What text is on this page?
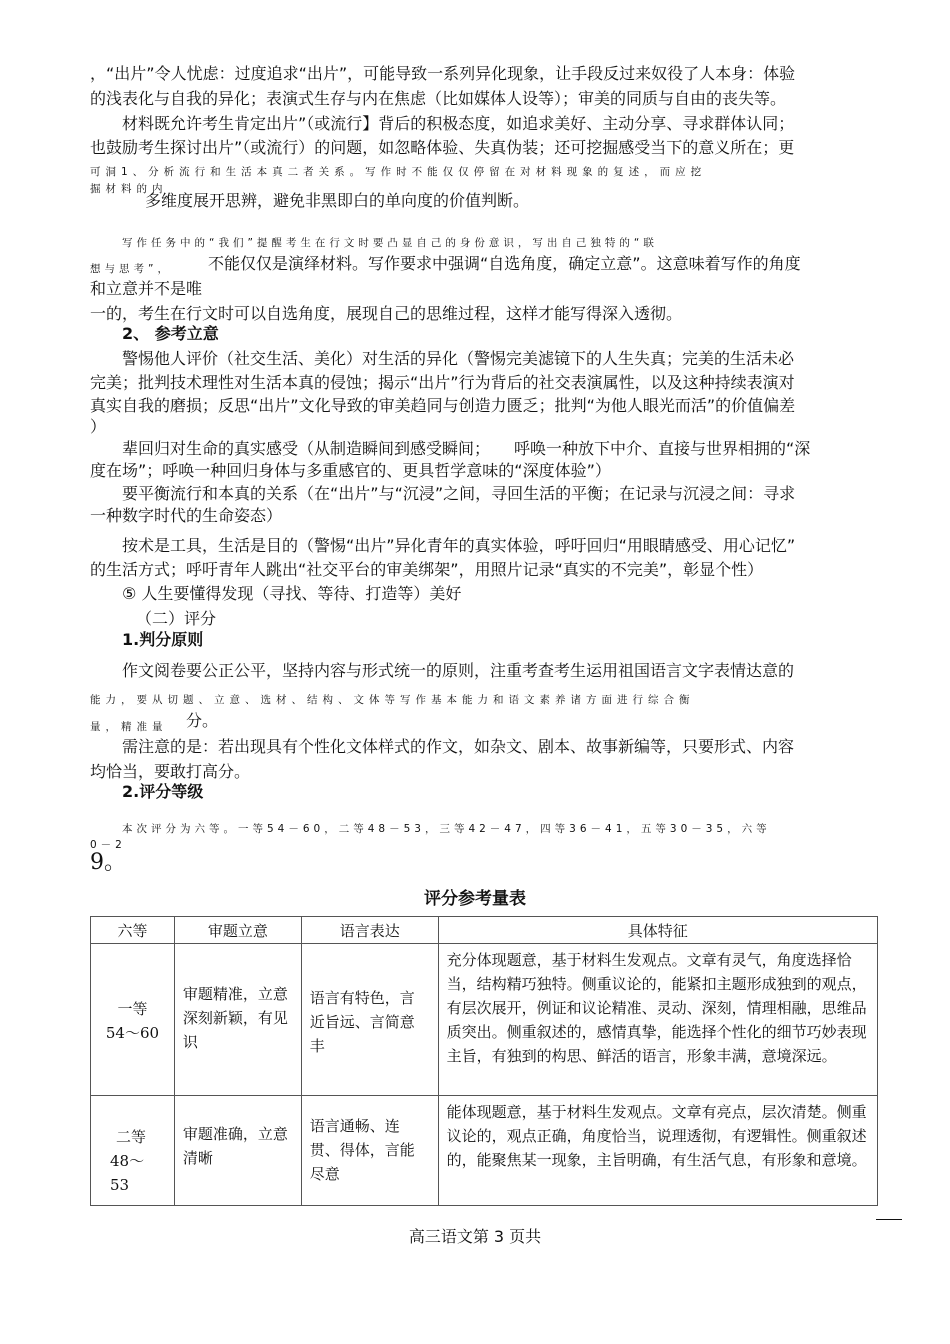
，“出片”令人忧虑：过度追求“出片”，可能导致一系列异化现象，让手段反过来奴役了人本身：体验
的浅表化与自我的异化；表演式生存与内在焦虑（比如媒体人设等）；审美的同质与自由的丧失等。
材料既允许考生肯定出片”（或流行】背后的积极态度，如追求美好、主动分享、寻求群体认同；
也鼓励考生探讨出片”（或流行）的问题，如忽略体验、失真伪装；还可挖掘感受当下的意义所在；更
可洞1、分析流行和生活本真二者关系。写作时不能仅仅停留在对材料现象的复述，而应挖
掘材料的内
多维度展开思辨，避免非黑即白的单向度的价值判断。
写作任务中的“我们”提醒考生在行文时要凸显自己的身份意识，写出自己独特的“联
想与思考”， 不能仅仅是演绎材料。写作要求中强调“自选角度，确定立意”。这意味着写作的角度
和立意并不是唯
一的，考生在行文时可以自选角度，展现自己的思维过程，这样才能写得深入透彻。
2、 参考立意
警惕他人评价（社交生活、美化）对生活的异化（警惕完美滤镜下的人生失真；完美的生活未必
完美；批判技术理性对生活本真的侵蚀；揭示“出片”行为背后的社交表演属性，以及这种持续表演对
真实自我的磨损；反思“出片”文化导致的审美趋同与创造力匮乏；批判“为他人眼光而活”的价值偏差
）
辈回归对生命的真实感受（从制造瞬间到感受瞬间；　　呼唤一种放下中介、直接与世界相拥的“深
度在场”；呼唤一种回归身体与多重感官的、更具哲学意味的“深度体验”）
要平衡流行和本真的关系（在“出片”与“沉浸”之间，寻回生活的平衡；在记录与沉浸之间：寻求
一种数字时代的生命姿态）
按术是工具，生活是目的（警惕“出片”异化青年的真实体验，呼吁回归“用眼睛感受、用心记忆”
的生活方式；呼吁青年人跳出“社交平台的审美绑架”，用照片记录“真实的不完美”，彰显个性）
⑤ 人生要懂得发现（寻找、等待、打造等）美好
（二）评分
1.判分原则
作文阅卷要公正公平，坚持内容与形式统一的原则，注重考查考生运用祖国语言文字表情达意的
能力，要从切题、立意、选材、结构、文体等写作基本能力和语文素养诸方面进行综合衡
量，精准量 分。
需注意的是：若出现具有个性化文体样式的作文，如杂文、剧本、故事新编等，只要形式、内容
均恰当，要敢打高分。
2.评分等级
本次评分为六等。一等54－60，二等48－53，三等42－47，四等36－41，五等30－35，六等
0－2
9。
评分参考量表
六等	审题立意	语言表达	具体特征

一等
54～60	审题精准，立意深刻新颖，有见识	语言有特色，言近旨远、言简意丰	充分体现题意，基于材料生发观点。文章有灵气，角度选择恰当，结构精巧独特。侧重议论的，能紧扣主题形成独到的观点，有层次展开，例证和议论精准、灵动、深刻，情理相融，思维品质突出。侧重叙述的，感情真挚，能选择个性化的细节巧妙表现主旨，有独到的构思、鲜活的语言，形象丰满，意境深远。

二等
48～
53	审题准确，立意清晰	语言通畅、连贯、得体，言能尽意	能体现题意，基于材料生发观点。文章有亮点，层次清楚。侧重议论的，观点正确，角度恰当，说理透彻，有逻辑性。侧重叙述的，能聚焦某一现象，主旨明确，有生活气息，有形象和意境。
高三语文第 3 页共
